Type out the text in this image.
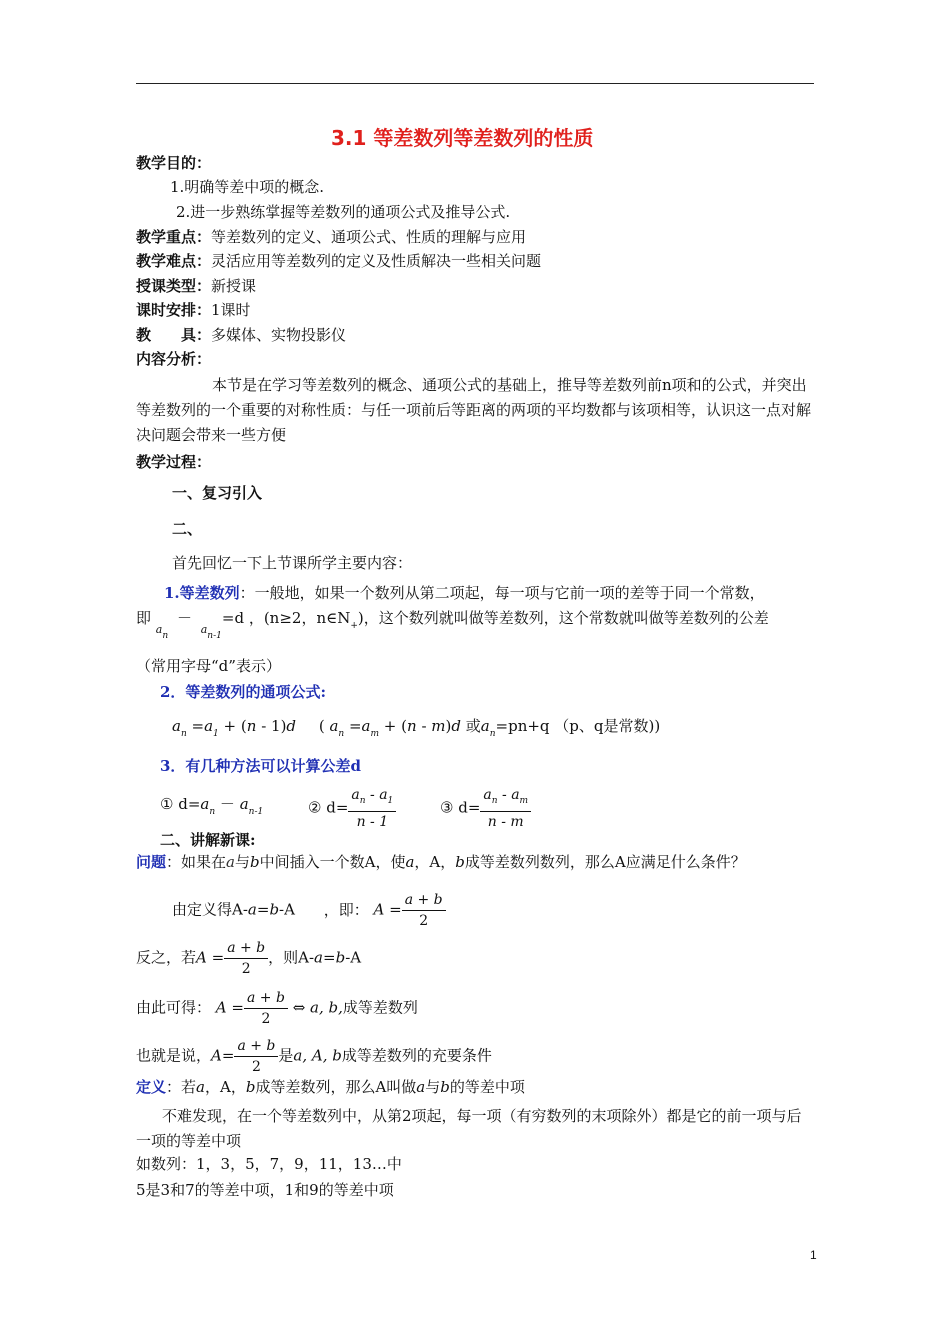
3.1 等差数列等差数列的性质
教学目的：
1.明确等差中项的概念.
2.进一步熟练掌握等差数列的通项公式及推导公式.
教学重点：等差数列的定义、通项公式、性质的理解与应用
教学难点：灵活应用等差数列的定义及性质解决一些相关问题
授课类型：新授课
课时安排：1课时
教　　具：多媒体、实物投影仪
内容分析：
本节是在学习等差数列的概念、通项公式的基础上，推导等差数列前n项和的公式，并突出等差数列的一个重要的对称性质：与任一项前后等距离的两项的平均数都与该项相等，认识这一点对解决问题会带来一些方便
教学过程：
一、复习引入
二、
首先回忆一下上节课所学主要内容：
1.等差数列：一般地，如果一个数列从第二项起，每一项与它前一项的差等于同一个常数，
即 $_{a_n}$ － $_{a_{n-1}}$=d ，(n≥2，$n\in N_+$)，这个数列就叫做等差数列，这个常数就叫做等差数列的公差
（常用字母“d”表示）
2．等差数列的通项公式:
$a_n =a_1 + (n - 1)d$ ( $a_n =a_m + (n - m)d$ 或$a_n=pn+q$ （p、q是常数))
3．有几种方法可以计算公差d
① $d=a_n - a_{n-1}$	② $d= \frac{a_n - a_1}{n - 1}$	③ $d= \frac{a_n - a_m}{n - m}$
二、讲解新课:
问题：如果在a与b中间插入一个数A，使a，A，b成等差数列数列，那么A应满足什么条件？
由定义得A-a=b-A ，即： $A = \frac{a + b}{2}$
反之，若$A = \frac{a + b}{2}$ ，则A-a=b-A
由此可得： $A = \frac{a + b}{2}$ ⇔ a, b,成等差数列
也就是说，$A= \frac{a + b}{2}$ 是a, A, b成等差数列的充要条件
定义：若a，A，b成等差数列，那么A叫做a与b的等差中项
不难发现，在一个等差数列中，从第2项起，每一项（有穷数列的末项除外）都是它的前一项与后一项的等差中项
如数列：1，3，5，7，9，11，13…中
5是3和7的等差中项，1和9的等差中项
1
